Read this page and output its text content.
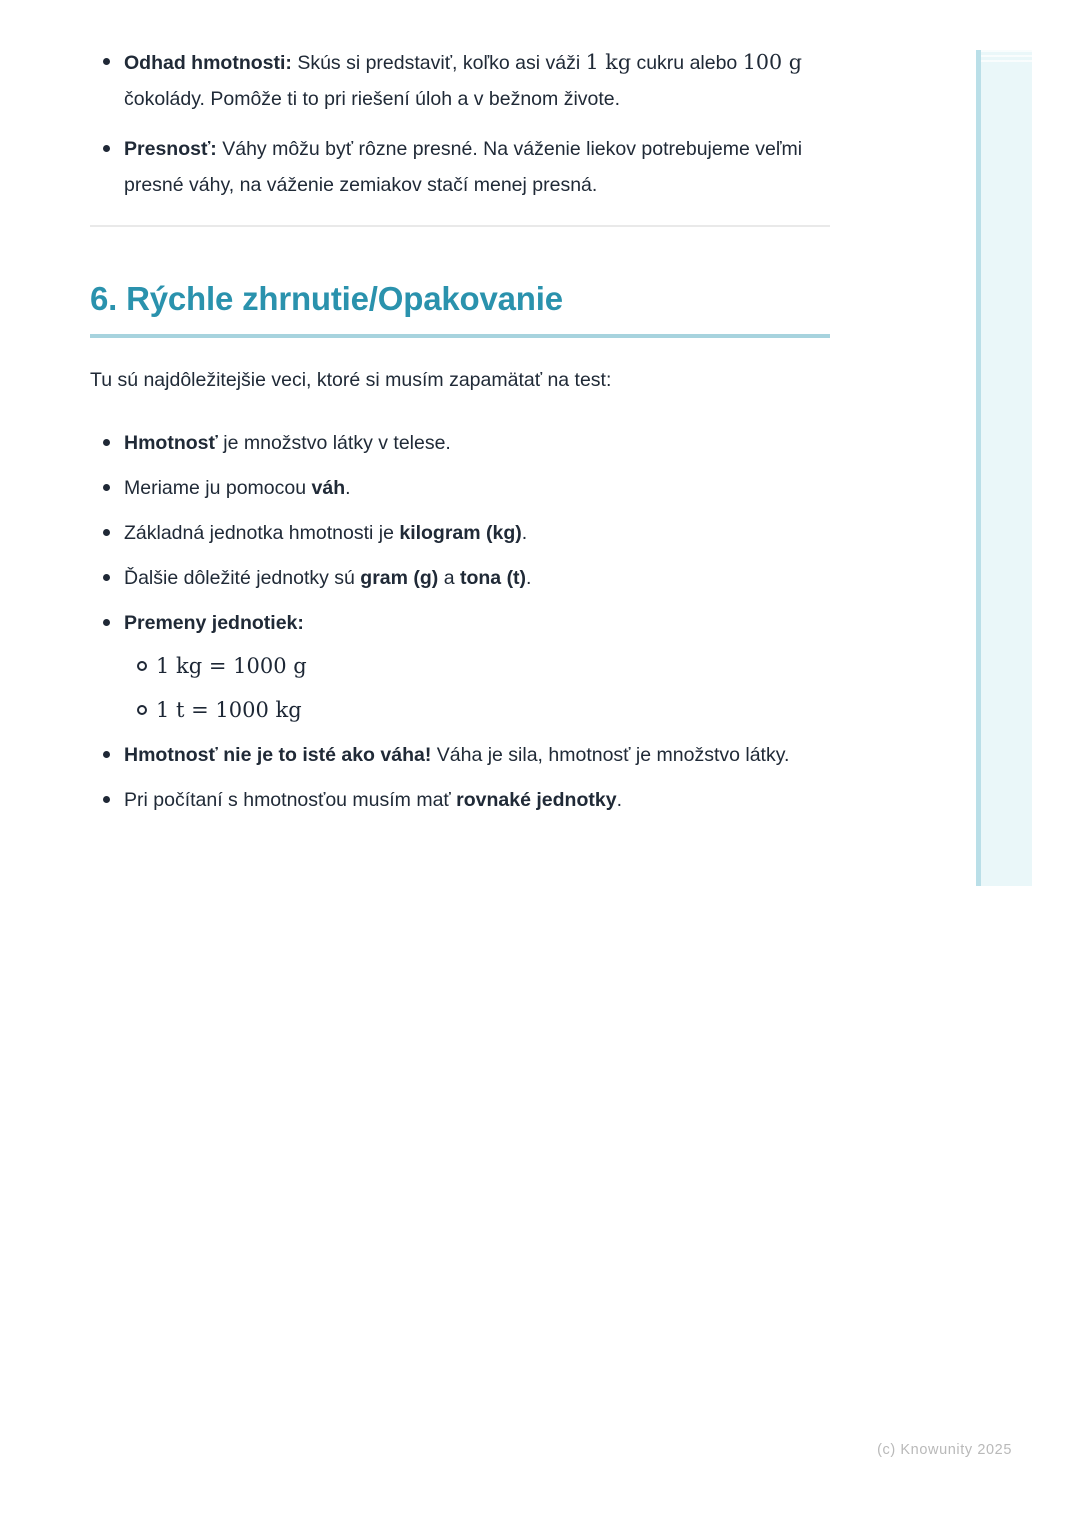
Odhad hmotnosti: Skús si predstaviť, koľko asi váži 1 kg cukru alebo 100 g čokolády. Pomôže ti to pri riešení úloh a v bežnom živote.
Presnosť: Váhy môžu byť rôzne presné. Na váženie liekov potrebujeme veľmi presné váhy, na váženie zemiakov stačí menej presná.
6. Rýchle zhrnutie/Opakovanie

Tu sú najdôležitejšie veci, ktoré si musím zapamätať na test:

Hmotnosť je množstvo látky v telese.
Meriame ju pomocou váh.
Základná jednotka hmotnosti je kilogram (kg).
Ďalšie dôležité jednotky sú gram (g) a tona (t).
Premeny jednotiek:
1 kg = 1000 g
1 t = 1000 kg
Hmotnosť nie je to isté ako váha! Váha je sila, hmotnosť je množstvo látky.
Pri počítaní s hmotnosťou musím mať rovnaké jednotky.
(c) Knowunity 2025
